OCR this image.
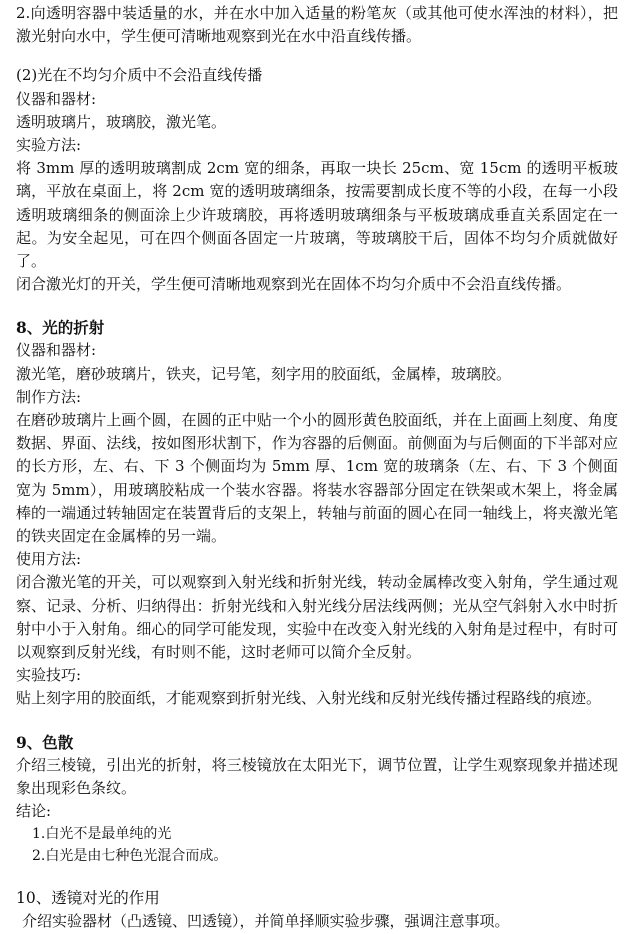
2.向透明容器中装适量的水，并在水中加入适量的粉笔灰（或其他可使水浑浊的材料），把激光射向水中，学生便可清晰地观察到光在水中沿直线传播。

(2)光在不均匀介质中不会沿直线传播

仪器和器材:

透明玻璃片，玻璃胶，激光笔。

实验方法:

将 3mm 厚的透明玻璃割成 2cm 宽的细条，再取一块长 25cm、宽 15cm 的透明平板玻璃，平放在桌面上，将 2cm 宽的透明玻璃细条，按需要割成长度不等的小段，在每一小段透明玻璃细条的侧面涂上少许玻璃胶，再将透明玻璃细条与平板玻璃成垂直关系固定在一起。为安全起见，可在四个侧面各固定一片玻璃，等玻璃胶干后，固体不均匀介质就做好了。

闭合激光灯的开关，学生便可清晰地观察到光在固体不均匀介质中不会沿直线传播。

8、光的折射

仪器和器材:

激光笔，磨砂玻璃片，铁夹，记号笔，刻字用的胶面纸，金属棒，玻璃胶。

制作方法:

在磨砂玻璃片上画个圆，在圆的正中贴一个小的圆形黄色胶面纸，并在上面画上刻度、角度数据、界面、法线，按如图形状割下，作为容器的后侧面。前侧面为与后侧面的下半部对应的长方形，左、右、下 3 个侧面均为 5mm 厚、1cm 宽的玻璃条（左、右、下 3 个侧面宽为 5mm），用玻璃胶粘成一个装水容器。将装水容器部分固定在铁架或木架上，将金属棒的一端通过转轴固定在装置背后的支架上，转轴与前面的圆心在同一轴线上，将夹激光笔的铁夹固定在金属棒的另一端。

使用方法:

闭合激光笔的开关，可以观察到入射光线和折射光线，转动金属棒改变入射角，学生通过观察、记录、分析、归纳得出：折射光线和入射光线分居法线两侧；光从空气斜射入水中时折射中小于入射角。细心的同学可能发现，实验中在改变入射光线的入射角是过程中，有时可以观察到反射光线，有时则不能，这时老师可以简介全反射。

实验技巧:

贴上刻字用的胶面纸，才能观察到折射光线、入射光线和反射光线传播过程路线的痕迹。

9、色散

介绍三棱镜，引出光的折射，将三棱镜放在太阳光下，调节位置，让学生观察现象并描述现象出现彩色条纹。

结论:

1.白光不是最单纯的光

2.白光是由七种色光混合而成。

10、透镜对光的作用

介绍实验器材（凸透镜、凹透镜），并简单择顺实验步骤，强调注意事项。
